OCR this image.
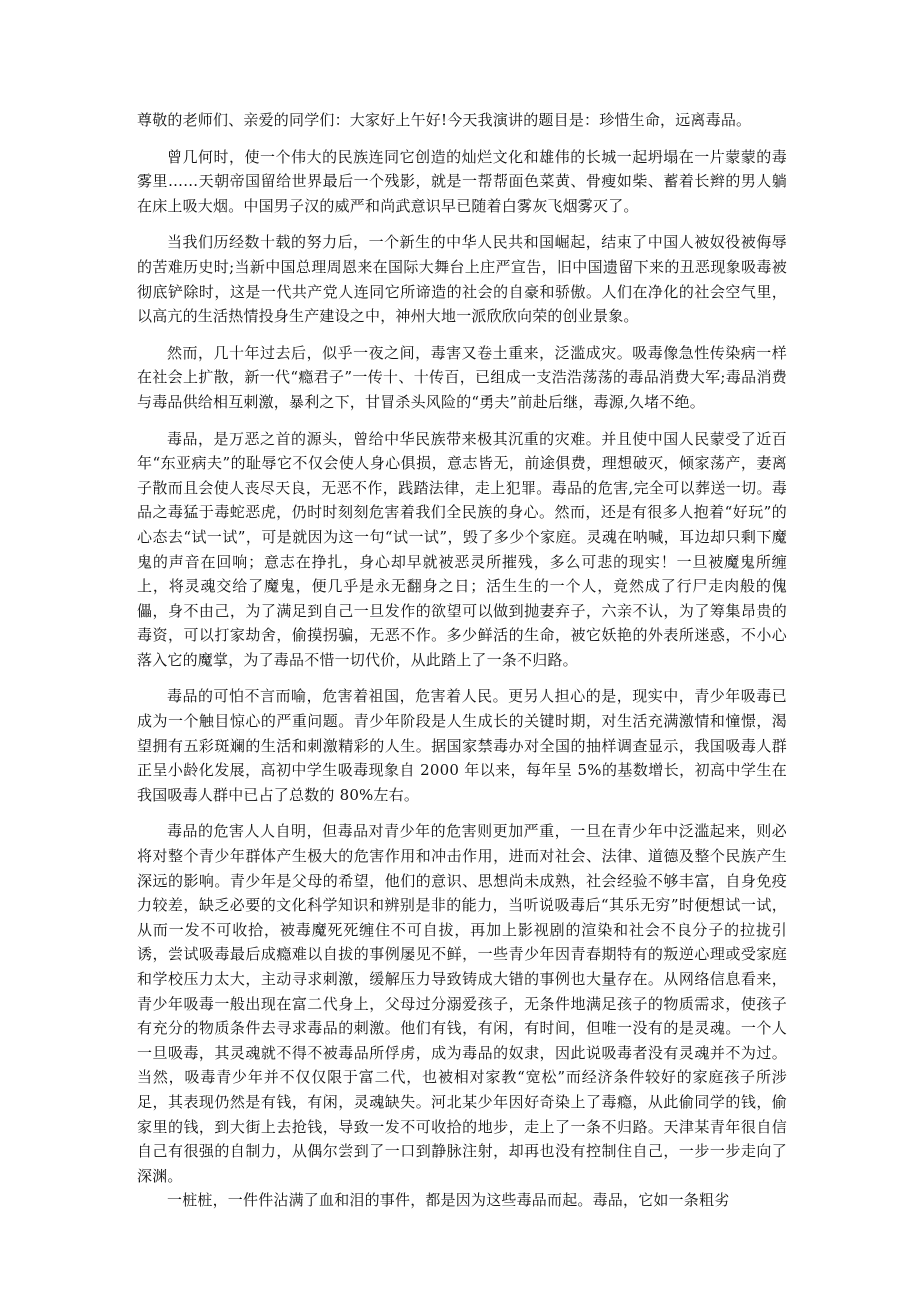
尊敬的老师们、亲爱的同学们：大家好上午好!今天我演讲的题目是：珍惜生命，远离毒品。

曾几何时，使一个伟大的民族连同它创造的灿烂文化和雄伟的长城一起坍塌在一片蒙蒙的毒雾里……天朝帝国留给世界最后一个残影，就是一帮帮面色菜黄、骨瘦如柴、蓄着长辫的男人躺在床上吸大烟。中国男子汉的威严和尚武意识早已随着白雾灰飞烟雾灭了。

当我们历经数十载的努力后，一个新生的中华人民共和国崛起，结束了中国人被奴役被侮辱的苦难历史时;当新中国总理周恩来在国际大舞台上庄严宣告，旧中国遗留下来的丑恶现象吸毒被彻底铲除时，这是一代共产党人连同它所谛造的社会的自豪和骄傲。人们在净化的社会空气里，以高亢的生活热情投身生产建设之中，神州大地一派欣欣向荣的创业景象。

然而，几十年过去后，似乎一夜之间，毒害又卷土重来，泛滥成灾。吸毒像急性传染病一样在社会上扩散，新一代“瘾君子”一传十、十传百，已组成一支浩浩荡荡的毒品消费大军;毒品消费与毒品供给相互刺激，暴利之下，甘冒杀头风险的“勇夫”前赴后继，毒源,久堵不绝。

毒品，是万恶之首的源头，曾给中华民族带来极其沉重的灾难。并且使中国人民蒙受了近百年“东亚病夫”的耻辱它不仅会使人身心俱损，意志皆无，前途俱费，理想破灭，倾家荡产，妻离子散而且会使人丧尽天良，无恶不作，践踏法律，走上犯罪。毒品的危害,完全可以葬送一切。毒品之毒猛于毒蛇恶虎，仍时时刻刻危害着我们全民族的身心。然而，还是有很多人抱着“好玩”的心态去“试一试”，可是就因为这一句“试一试”，毁了多少个家庭。灵魂在呐喊，耳边却只剩下魔鬼的声音在回响；意志在挣扎，身心却早就被恶灵所摧残，多么可悲的现实！一旦被魔鬼所缠上，将灵魂交给了魔鬼，便几乎是永无翻身之日；活生生的一个人，竟然成了行尸走肉般的傀儡，身不由己，为了满足到自己一旦发作的欲望可以做到抛妻弃子，六亲不认，为了筹集昂贵的毒资，可以打家劫舍，偷摸拐骗，无恶不作。多少鲜活的生命，被它妖艳的外表所迷惑，不小心落入它的魔掌，为了毒品不惜一切代价，从此踏上了一条不归路。

毒品的可怕不言而喻，危害着祖国，危害着人民。更另人担心的是，现实中，青少年吸毒已成为一个触目惊心的严重问题。青少年阶段是人生成长的关键时期，对生活充满激情和憧憬，渴望拥有五彩斑斓的生活和刺激精彩的人生。据国家禁毒办对全国的抽样调查显示，我国吸毒人群正呈小龄化发展，高初中学生吸毒现象自 2000 年以来，每年呈 5%的基数增长，初高中学生在我国吸毒人群中已占了总数的 80%左右。

毒品的危害人人自明，但毒品对青少年的危害则更加严重，一旦在青少年中泛滥起来，则必将对整个青少年群体产生极大的危害作用和冲击作用，进而对社会、法律、道德及整个民族产生深远的影响。青少年是父母的希望，他们的意识、思想尚未成熟，社会经验不够丰富，自身免疫力较差，缺乏必要的文化科学知识和辨别是非的能力，当听说吸毒后“其乐无穷”时便想试一试，从而一发不可收拾，被毒魔死死缠住不可自拔，再加上影视剧的渲染和社会不良分子的拉拢引诱，尝试吸毒最后成瘾难以自拔的事例屡见不鲜，一些青少年因青春期特有的叛逆心理或受家庭和学校压力太大，主动寻求刺激，缓解压力导致铸成大错的事例也大量存在。从网络信息看来，青少年吸毒一般出现在富二代身上，父母过分溺爱孩子，无条件地满足孩子的物质需求，使孩子有充分的物质条件去寻求毒品的刺激。他们有钱，有闲，有时间，但唯一没有的是灵魂。一个人一旦吸毒，其灵魂就不得不被毒品所俘虏，成为毒品的奴隶，因此说吸毒者没有灵魂并不为过。当然，吸毒青少年并不仅仅限于富二代，也被相对家教“宽松”而经济条件较好的家庭孩子所涉足，其表现仍然是有钱，有闲，灵魂缺失。河北某少年因好奇染上了毒瘾，从此偷同学的钱，偷家里的钱，到大街上去抢钱，导致一发不可收拾的地步，走上了一条不归路。天津某青年很自信自己有很强的自制力，从偶尔尝到了一口到静脉注射，却再也没有控制住自己，一步一步走向了深渊。

一桩桩，一件件沾满了血和泪的事件，都是因为这些毒品而起。毒品，它如一条粗劣
